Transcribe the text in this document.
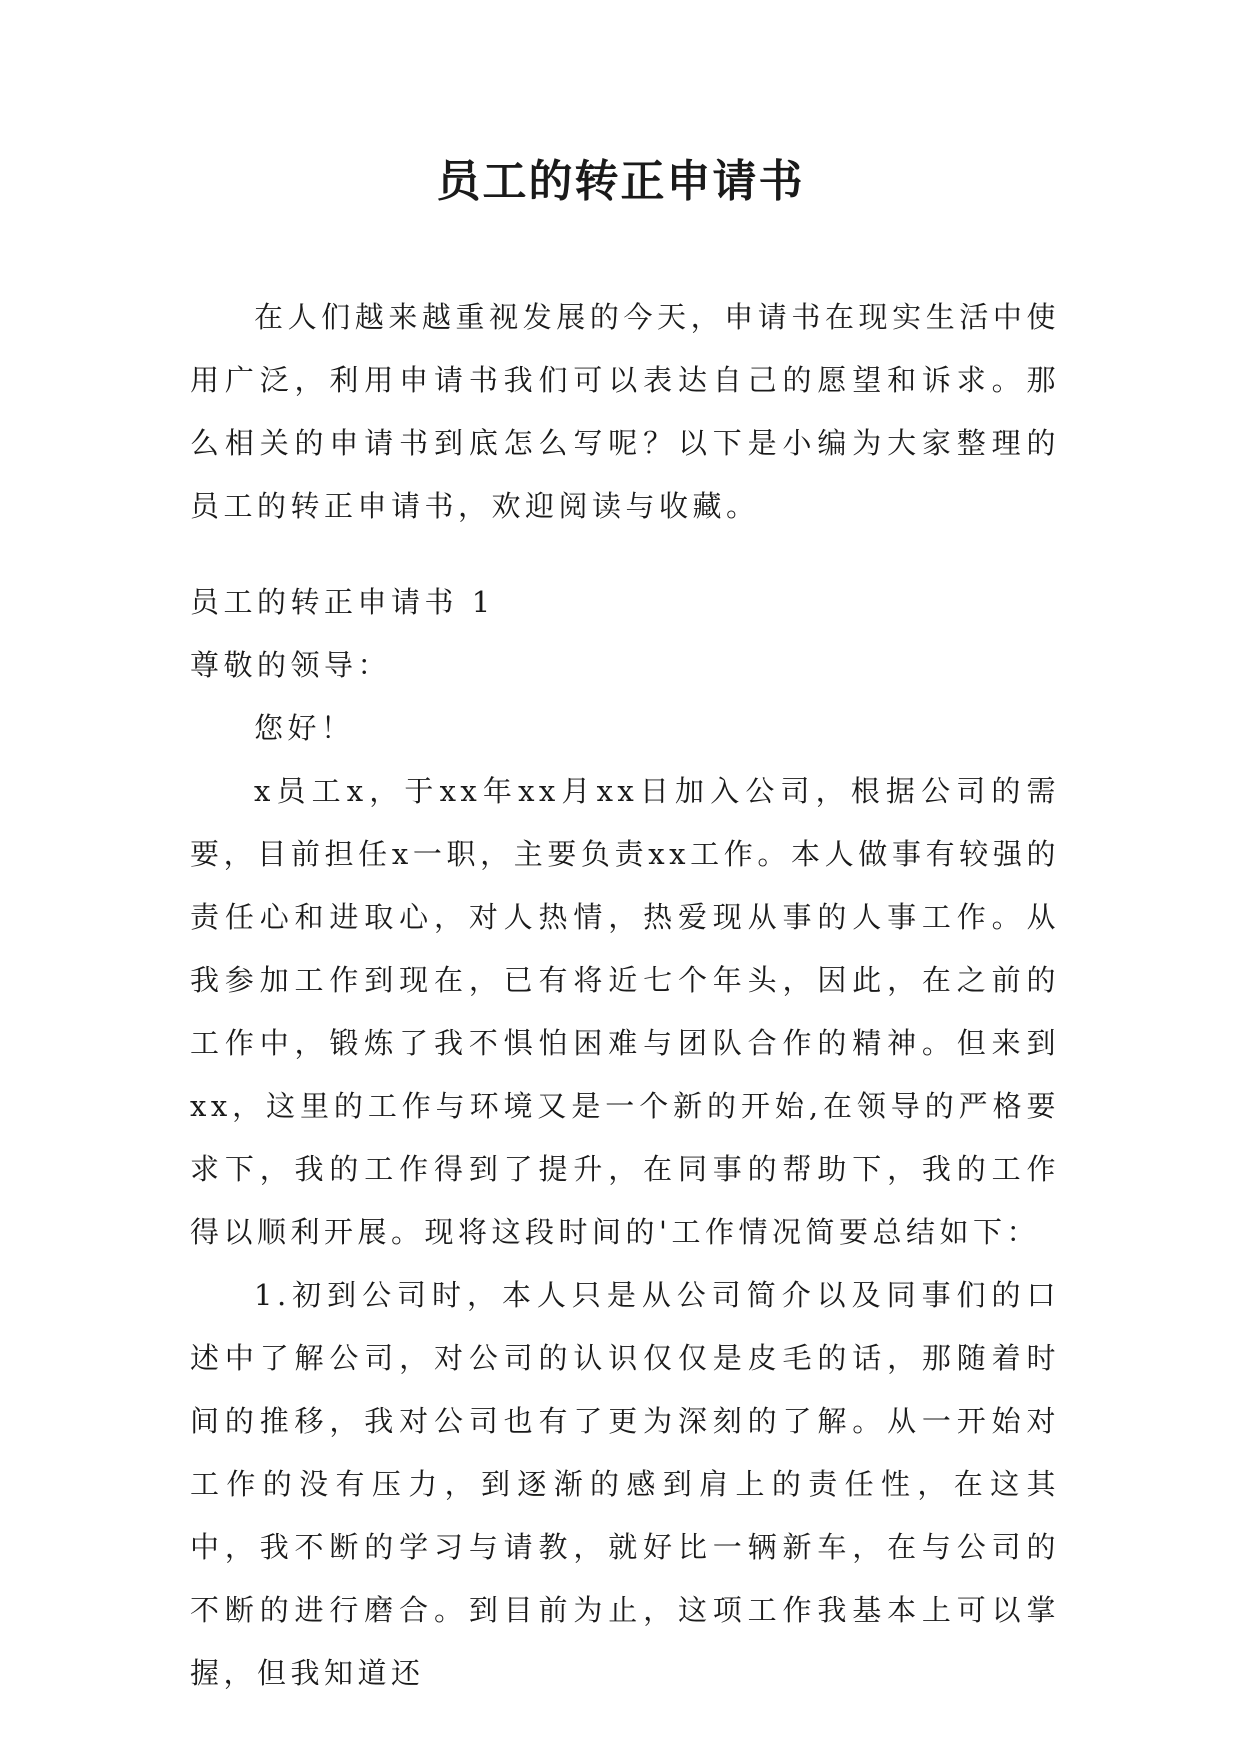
员工的转正申请书

在人们越来越重视发展的今天，申请书在现实生活中使用广泛，利用申请书我们可以表达自己的愿望和诉求。那么相关的申请书到底怎么写呢？以下是小编为大家整理的员工的转正申请书，欢迎阅读与收藏。

员工的转正申请书 1

尊敬的领导：

您好！

x员工x，于xx年xx月xx日加入公司，根据公司的需要，目前担任x一职，主要负责xx工作。本人做事有较强的责任心和进取心，对人热情，热爱现从事的人事工作。从我参加工作到现在，已有将近七个年头，因此，在之前的工作中，锻炼了我不惧怕困难与团队合作的精神。但来到xx，这里的工作与环境又是一个新的开始,在领导的严格要求下，我的工作得到了提升，在同事的帮助下，我的工作得以顺利开展。现将这段时间的'工作情况简要总结如下：

1.初到公司时，本人只是从公司简介以及同事们的口述中了解公司，对公司的认识仅仅是皮毛的话，那随着时间的推移，我对公司也有了更为深刻的了解。从一开始对工作的没有压力，到逐渐的感到肩上的责任性，在这其中，我不断的学习与请教，就好比一辆新车，在与公司的不断的进行磨合。到目前为止，这项工作我基本上可以掌握，但我知道还
